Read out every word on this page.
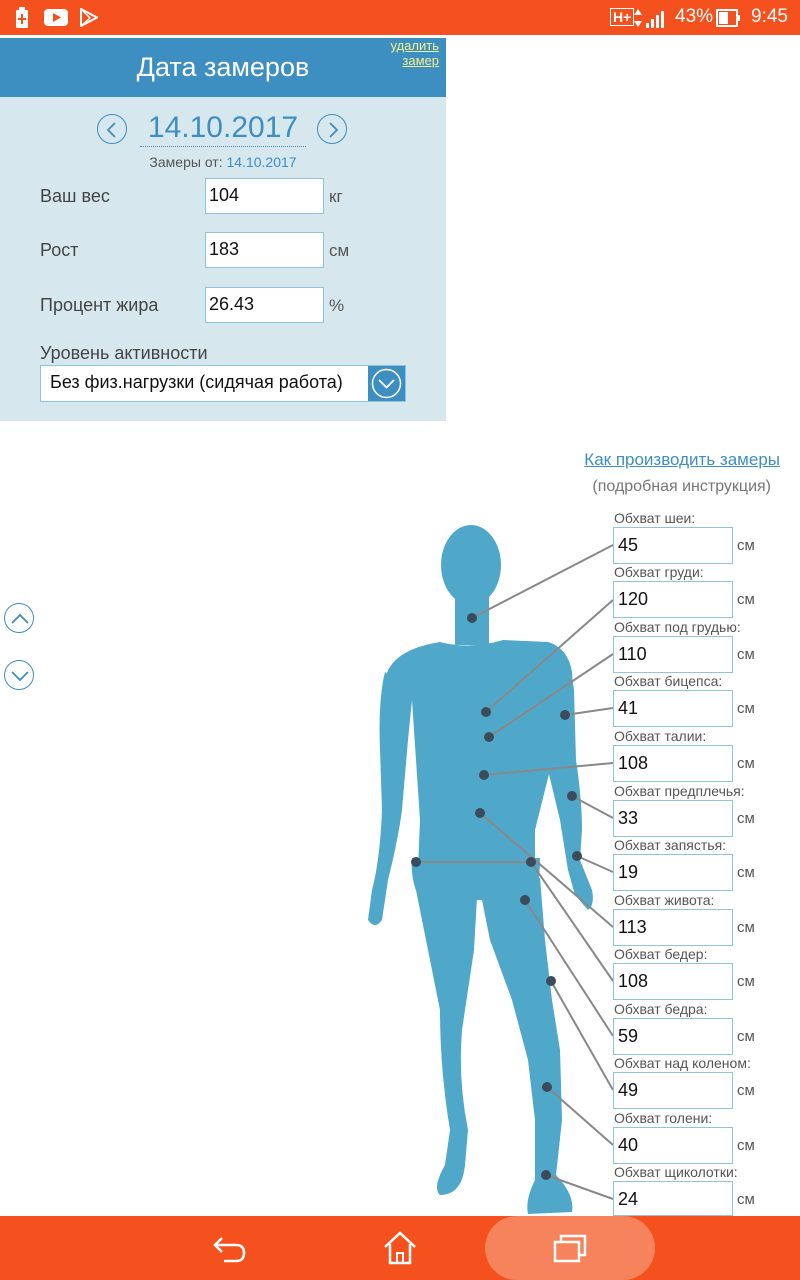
H+ 43% 9:45
Дата замеров
удалить
замер
14.10.2017
Замеры от: 14.10.2017
Ваш вес	104	кг
Рост	183	см
Процент жира	26.43	%
Уровень активности
Без физ.нагрузки (сидячая работа)
Как производить замеры
(подробная инструкция)
Обхват шеи:
45	см
Обхват груди:
120	см
Обхват под грудью:
110	см
Обхват бицепса:
41	см
Обхват талии:
108	см
Обхват предплечья:
33	см
Обхват запястья:
19	см
Обхват живота:
113	см
Обхват бедер:
108	см
Обхват бедра:
59	см
Обхват над коленом:
49	см
Обхват голени:
40	см
Обхват щиколотки:
24	см
